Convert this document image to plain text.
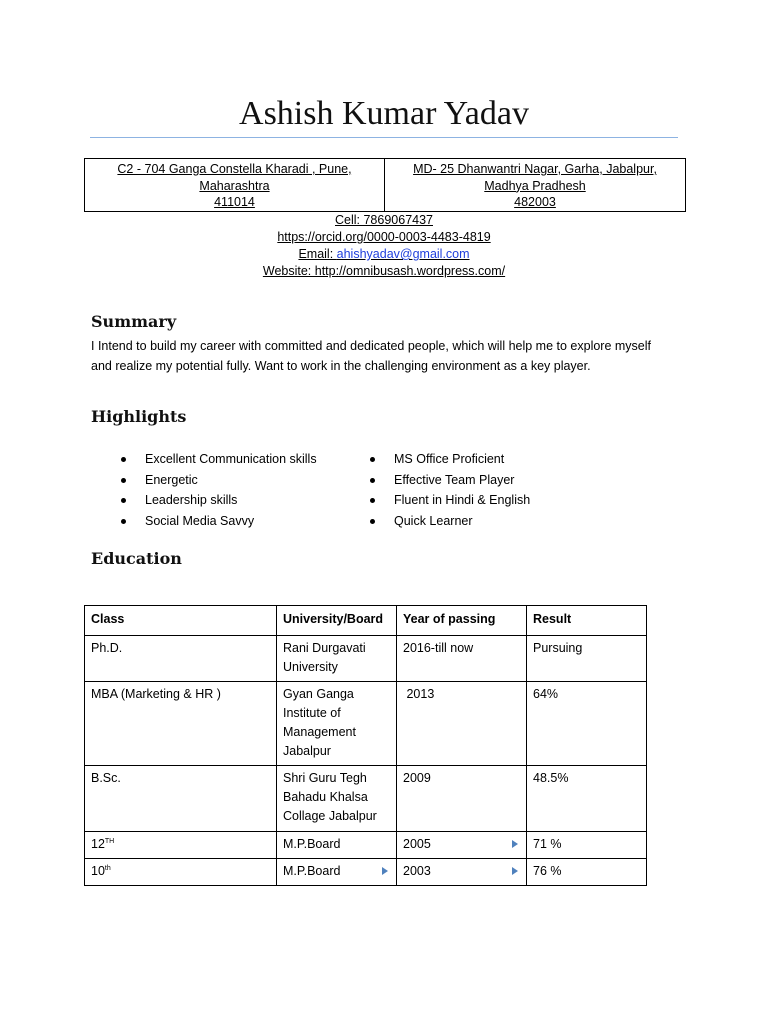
Ashish Kumar Yadav
C2 - 704 Ganga Constella Kharadi , Pune,
Maharashtra
411014
MD- 25 Dhanwantri Nagar, Garha, Jabalpur,
Madhya Pradhesh
482003
Cell: 7869067437
https://orcid.org/0000-0003-4483-4819
Email: ahishyadav@gmail.com
Website: http://omnibusash.wordpress.com/
Summary
I Intend to build my career with committed and dedicated people, which will help me to explore myself
and realize my potential fully. Want to work in the challenging environment as a key player.
Highlights
Excellent Communication skills
Energetic
Leadership skills
Social Media Savvy
MS Office Proficient
Effective Team Player
Fluent in Hindi & English
Quick Learner
Education
Class	University/Board	Year of passing	Result
Ph.D.	Rani Durgavati University	2016-till now	Pursuing
MBA (Marketing & HR )	Gyan Ganga Institute of Management Jabalpur	2013	64%
B.Sc.	Shri Guru Tegh Bahadu Khalsa Collage Jabalpur	2009	48.5%
12TH	M.P.Board	2005	71 %
10th	M.P.Board	2003	76 %
